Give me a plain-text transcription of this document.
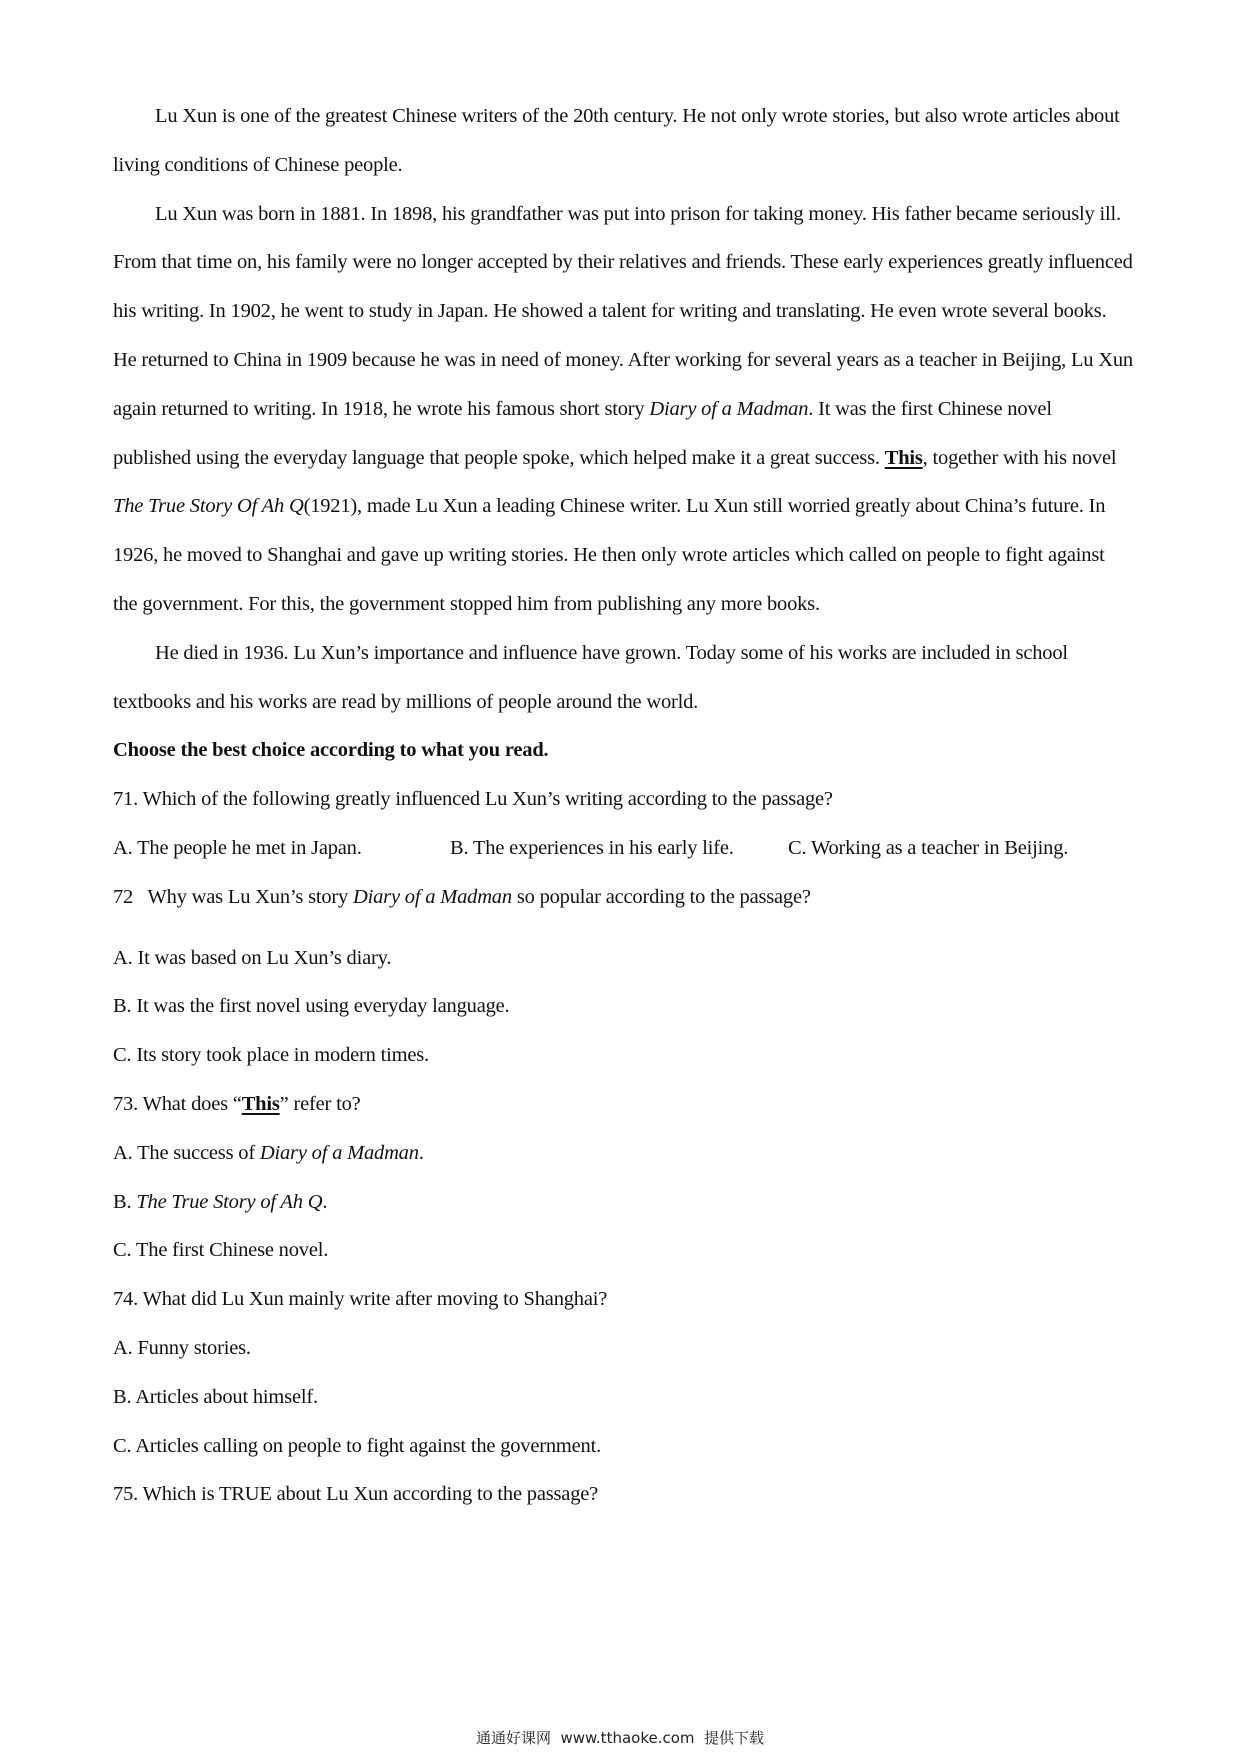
Lu Xun is one of the greatest Chinese writers of the 20th century. He not only wrote stories, but also wrote articles about living conditions of Chinese people.

Lu Xun was born in 1881. In 1898, his grandfather was put into prison for taking money. His father became seriously ill. From that time on, his family were no longer accepted by their relatives and friends. These early experiences greatly influenced his writing. In 1902, he went to study in Japan. He showed a talent for writing and translating. He even wrote several books. He returned to China in 1909 because he was in need of money. After working for several years as a teacher in Beijing, Lu Xun again returned to writing. In 1918, he wrote his famous short story Diary of a Madman. It was the first Chinese novel published using the everyday language that people spoke, which helped make it a great success. This, together with his novel The True Story Of Ah Q(1921), made Lu Xun a leading Chinese writer. Lu Xun still worried greatly about China’s future. In 1926, he moved to Shanghai and gave up writing stories. He then only wrote articles which called on people to fight against the government. For this, the government stopped him from publishing any more books.

He died in 1936. Lu Xun’s importance and influence have grown. Today some of his works are included in school textbooks and his works are read by millions of people around the world.

Choose the best choice according to what you read.

71. Which of the following greatly influenced Lu Xun’s writing according to the passage?

A. The people he met in Japan.	B. The experiences in his early life.	C. Working as a teacher in Beijing.

72   Why was Lu Xun’s story Diary of a Madman so popular according to the passage?

A. It was based on Lu Xun’s diary.

B. It was the first novel using everyday language.

C. Its story took place in modern times.

73. What does “This” refer to?

A. The success of Diary of a Madman.

B. The True Story of Ah Q.

C. The first Chinese novel.

74. What did Lu Xun mainly write after moving to Shanghai?

A. Funny stories.

B. Articles about himself.

C. Articles calling on people to fight against the government.

75. Which is TRUE about Lu Xun according to the passage?

通通好课网  www.tthaoke.com  提供下载
